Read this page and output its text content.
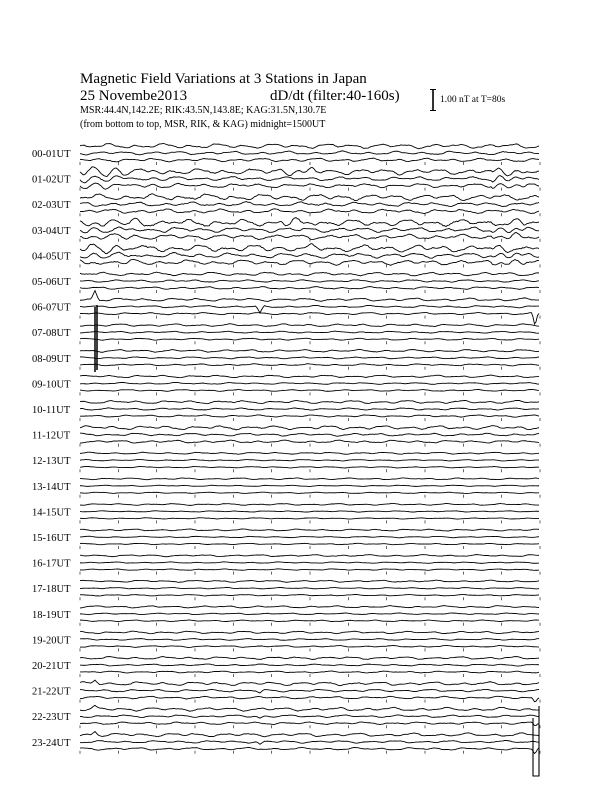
Magnetic Field Variations at 3 Stations in Japan
25 Novembe2013	dD/dt (filter:40-160s)
MSR:44.4N,142.2E; RIK:43.5N,143.8E; KAG:31.5N,130.7E
(from bottom to top, MSR, RIK, & KAG) midnight=1500UT
1.00 nT at T=80s
00-01UT
01-02UT
02-03UT
03-04UT
04-05UT
05-06UT
06-07UT
07-08UT
08-09UT
09-10UT
10-11UT
11-12UT
12-13UT
13-14UT
14-15UT
15-16UT
16-17UT
17-18UT
18-19UT
19-20UT
20-21UT
21-22UT
22-23UT
23-24UT
